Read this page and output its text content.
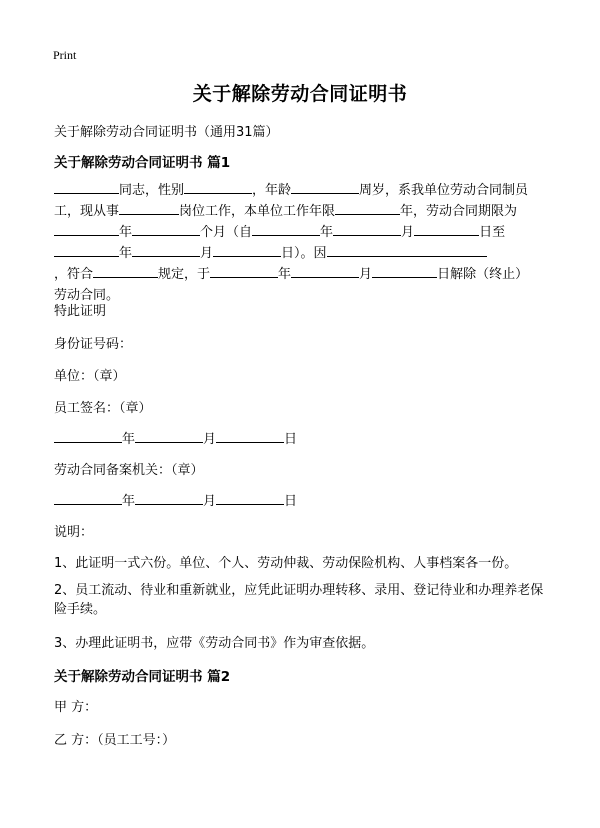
Print
关于解除劳动合同证明书
关于解除劳动合同证明书（通用31篇）
关于解除劳动合同证明书 篇1
同志，性别	，年龄	周岁，系我单位劳动合同制员
工，现从事	岗位工作，本单位工作年限	年，劳动合同期限为
年	个月（自	年	月	日至
年	月	日）。因
，符合	规定，于	年	月	日解除（终止）
劳动合同。
特此证明
身份证号码：
单位：（章）
员工签名：（章）
年	月	日
劳动合同备案机关：（章）
年	月	日
说明：
1、此证明一式六份。单位、个人、劳动仲裁、劳动保险机构、人事档案各一份。
2、员工流动、待业和重新就业，应凭此证明办理转移、录用、登记待业和办理养老保险手续。
3、办理此证明书，应带《劳动合同书》作为审查依据。
关于解除劳动合同证明书 篇2
甲 方：
乙 方：（员工工号：）
